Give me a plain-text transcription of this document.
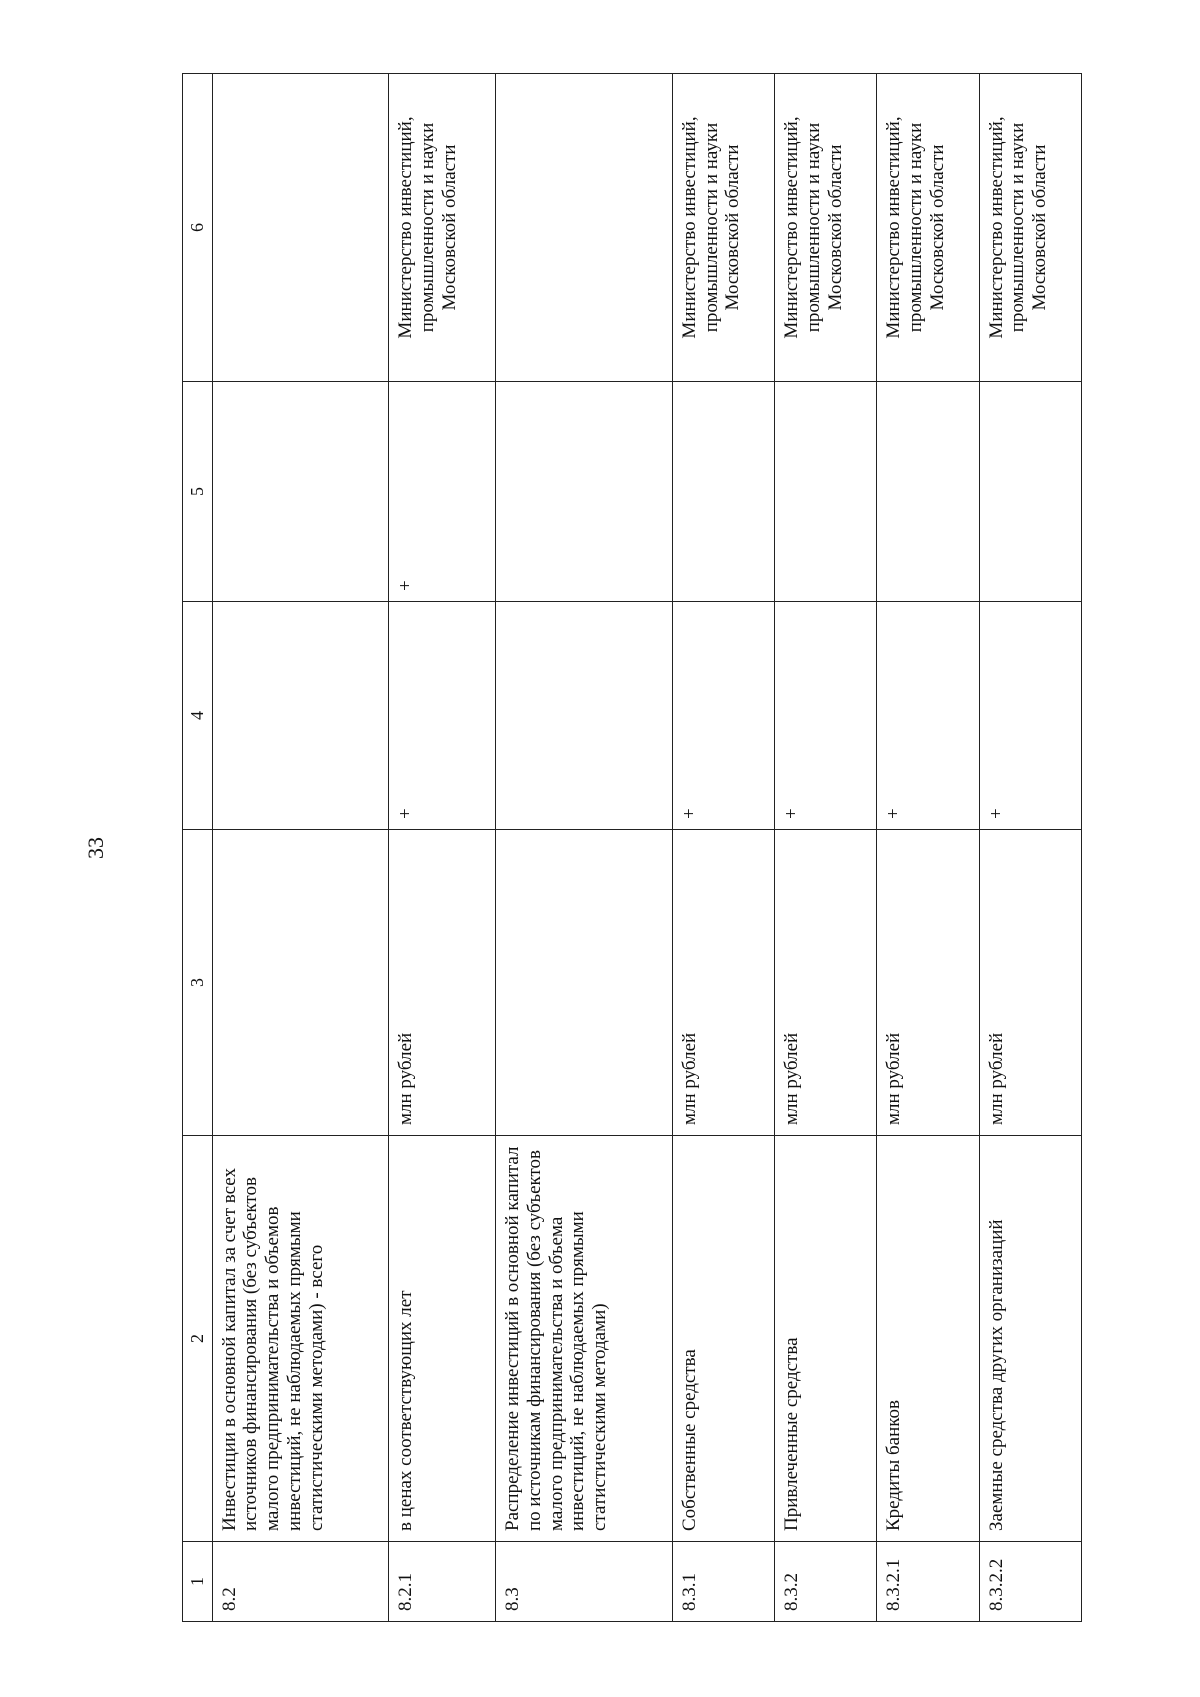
33
1	2	3	4	5	6
8.2	Инвестиции в основной капитал за счет всех источников финансирования (без субъектов малого предпринимательства и объемов инвестиций, не наблюдаемых прямыми статистическими методами) - всего				
8.2.1	в ценах соответствующих лет	млн рублей	+	+	Министерство инвестиций, промышленности и науки Московской области
8.3	Распределение инвестиций в основной капитал по источникам финансирования (без субъектов малого предпринимательства и объема инвестиций, не наблюдаемых прямыми статистическими методами)				
8.3.1	Собственные средства	млн рублей	+		Министерство инвестиций, промышленности и науки Московской области
8.3.2	Привлеченные средства	млн рублей	+		Министерство инвестиций, промышленности и науки Московской области
8.3.2.1	Кредиты банков	млн рублей	+		Министерство инвестиций, промышленности и науки Московской области
8.3.2.2	Заемные средства других организаций	млн рублей	+		Министерство инвестиций, промышленности и науки Московской области
